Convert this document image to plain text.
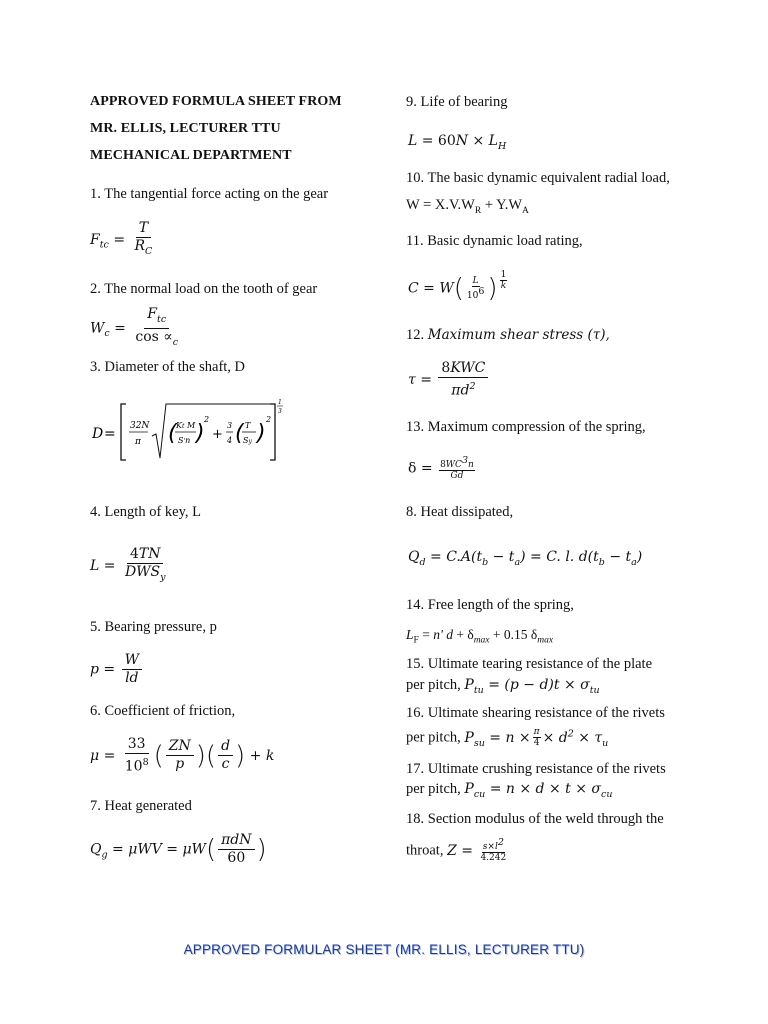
APPROVED FORMULA SHEET FROM
MR. ELLIS, LECTURER TTU
MECHANICAL DEPARTMENT
1. The tangential force acting on the gear
$F_{tc} = \frac{T}{R_C}$
2. The normal load on the tooth of gear
$W_c = \frac{F_{tc}}{\cos \propto_c}$
3. Diameter of the shaft, D
D = 32N
π ( Kt M
S'n )
2
+
3
4 ( T
Sy )
2
1
3
4. Length of key, L
$L = \frac{4TN}{DWS_y}$
5. Bearing pressure, p
$p = \frac{W}{ld}$
6. Coefficient of friction,
$\mu = \frac{33}{10^8}$ ( $\frac{ZN}{p}$ )( $\frac{d}{c}$ ) + k
7. Heat generated
$Q_g = \mu WV = \mu W( \frac{\text{πdN}}{60}$ )
9. Life of bearing
$L = 60N \times L_H$
10. The basic dynamic equivalent radial load,
$W = X.V.W_R + Y.W_A$
11. Basic dynamic load rating,
$C = W( \frac{L}{10^6}$ ) $\frac{1}{k}$
12. Maximum shear stress (τ),
$\tau = \frac{\text{8KWC}}{\pi d^2}$
13. Maximum compression of the spring,
$\delta = \frac{8WC^3n}{Gd}$
8. Heat dissipated,
$Q_d = C.A(t_b - t_a) = C$. l. $d(t_b - t_a)$
14. Free length of the spring,
$L_F = n'$ $d + \delta_{max} + 0.15$ $\delta_{max}$
15. Ultimate tearing resistance of the plate
per pitch, $P_{tu} = (p - d)t \times \sigma_{tu}$
16. Ultimate shearing resistance of the rivets
per pitch, $P_{su} = n \times \frac{\pi}{4} \times d^2 \times \tau_u$
17. Ultimate crushing resistance of the rivets
per pitch, $P_{cu} = n \times d \times t \times \sigma_{cu}$
18. Section modulus of the weld through the
throat, $Z = \frac{s\times l^2}{4.242}$
APPROVED FORMULAR SHEET (MR. ELLIS, LECTURER TTU)
